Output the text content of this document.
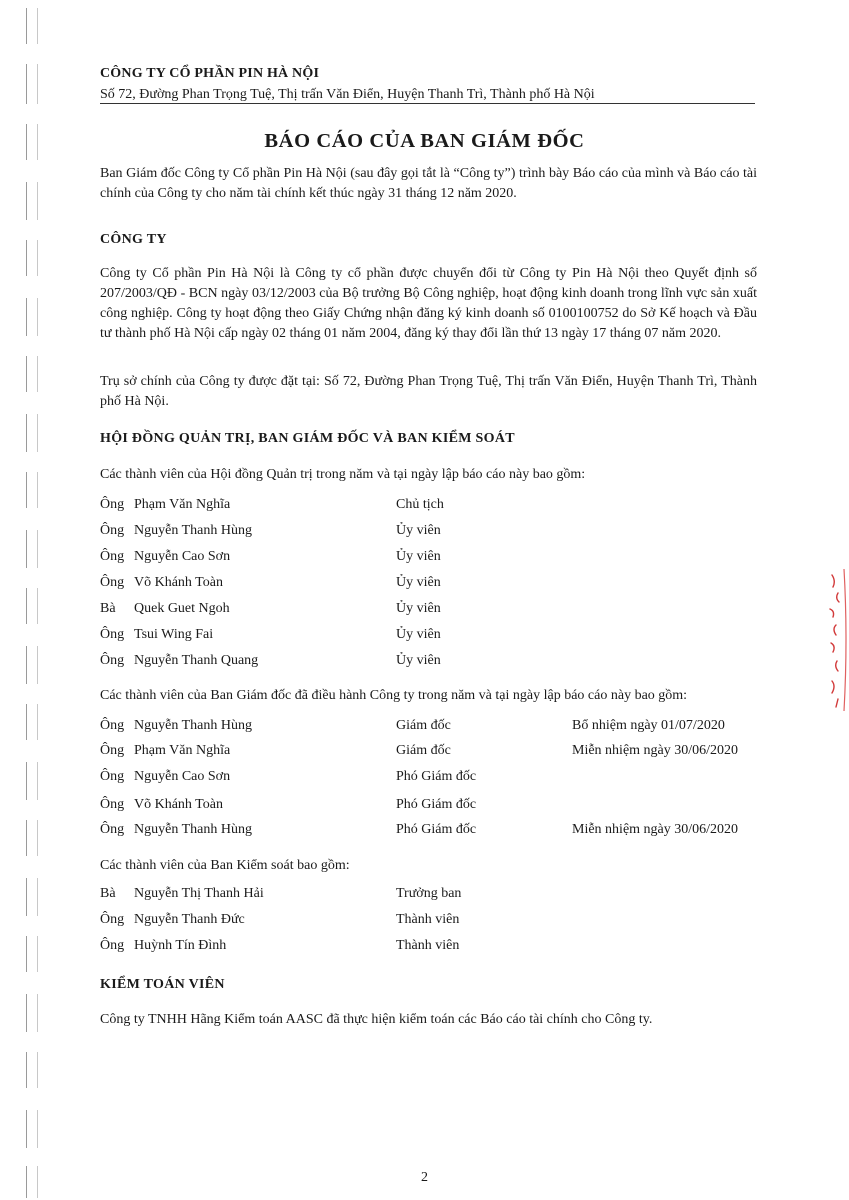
CÔNG TY CỔ PHẦN PIN HÀ NỘI
Số 72, Đường Phan Trọng Tuệ, Thị trấn Văn Điển, Huyện Thanh Trì, Thành phố Hà Nội
BÁO CÁO CỦA BAN GIÁM ĐỐC
Ban Giám đốc Công ty Cổ phần Pin Hà Nội (sau đây gọi tắt là “Công ty”) trình bày Báo cáo của mình và Báo cáo tài chính của Công ty cho năm tài chính kết thúc ngày 31 tháng 12 năm 2020.
CÔNG TY
Công ty Cổ phần Pin Hà Nội là Công ty cổ phần được chuyển đổi từ Công ty Pin Hà Nội theo Quyết định số 207/2003/QĐ - BCN ngày 03/12/2003 của Bộ trưởng Bộ Công nghiệp, hoạt động kinh doanh trong lĩnh vực sản xuất công nghiệp. Công ty hoạt động theo Giấy Chứng nhận đăng ký kinh doanh số 0100100752 do Sở Kế hoạch và Đầu tư thành phố Hà Nội cấp ngày 02 tháng 01 năm 2004, đăng ký thay đổi lần thứ 13 ngày 17 tháng 07 năm 2020.
Trụ sở chính của Công ty được đặt tại: Số 72, Đường Phan Trọng Tuệ, Thị trấn Văn Điển, Huyện Thanh Trì, Thành phố Hà Nội.
HỘI ĐỒNG QUẢN TRỊ, BAN GIÁM ĐỐC VÀ BAN KIỂM SOÁT
Các thành viên của Hội đồng Quản trị trong năm và tại ngày lập báo cáo này bao gồm:
Ông Phạm Văn Nghĩa	Chủ tịch
Ông Nguyễn Thanh Hùng	Ủy viên
Ông Nguyễn Cao Sơn	Ủy viên
Ông Võ Khánh Toàn	Ủy viên
Bà Quek Guet Ngoh	Ủy viên
Ông Tsui Wing Fai	Ủy viên
Ông Nguyễn Thanh Quang	Ủy viên
Các thành viên của Ban Giám đốc đã điều hành Công ty trong năm và tại ngày lập báo cáo này bao gồm:
Ông Nguyễn Thanh Hùng	Giám đốc	Bổ nhiệm ngày 01/07/2020
Ông Phạm Văn Nghĩa	Giám đốc	Miễn nhiệm ngày 30/06/2020
Ông Nguyễn Cao Sơn	Phó Giám đốc
Ông Võ Khánh Toàn	Phó Giám đốc
Ông Nguyễn Thanh Hùng	Phó Giám đốc	Miễn nhiệm ngày 30/06/2020
Các thành viên của Ban Kiểm soát bao gồm:
Bà Nguyễn Thị Thanh Hải	Trưởng ban
Ông Nguyễn Thanh Đức	Thành viên
Ông Huỳnh Tín Đình	Thành viên
KIỂM TOÁN VIÊN
Công ty TNHH Hãng Kiểm toán AASC đã thực hiện kiểm toán các Báo cáo tài chính cho Công ty.
2
